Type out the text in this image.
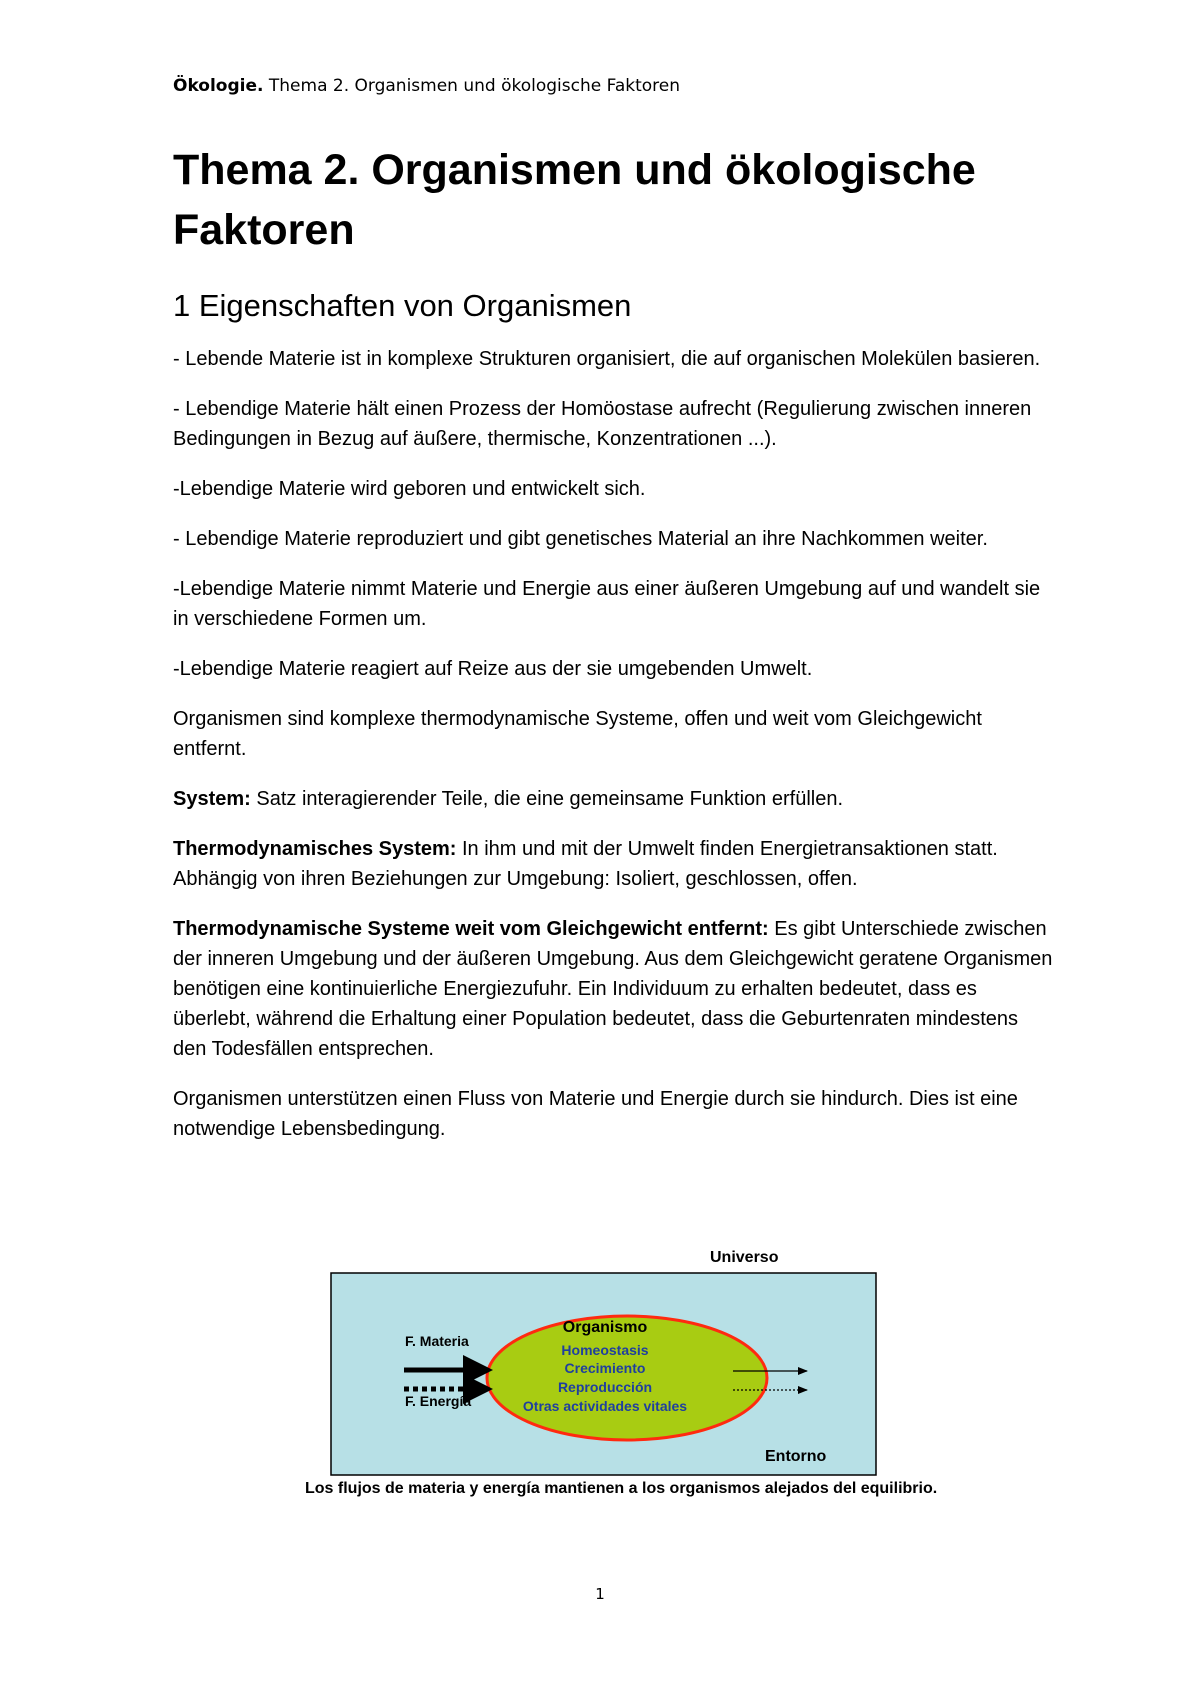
Ökologie. Thema 2. Organismen und ökologische Faktoren
Thema 2. Organismen und ökologische Faktoren
1 Eigenschaften von Organismen

- Lebende Materie ist in komplexe Strukturen organisiert, die auf organischen Molekülen basieren.

- Lebendige Materie hält einen Prozess der Homöostase aufrecht (Regulierung zwischen inneren Bedingungen in Bezug auf äußere, thermische, Konzentrationen ...).

-Lebendige Materie wird geboren und entwickelt sich.

- Lebendige Materie reproduziert und gibt genetisches Material an ihre Nachkommen weiter.

-Lebendige Materie nimmt Materie und Energie aus einer äußeren Umgebung auf und wandelt sie in verschiedene Formen um.

-Lebendige Materie reagiert auf Reize aus der sie umgebenden Umwelt.

Organismen sind komplexe thermodynamische Systeme, offen und weit vom Gleichgewicht entfernt.

System: Satz interagierender Teile, die eine gemeinsame Funktion erfüllen.

Thermodynamisches System: In ihm und mit der Umwelt finden Energietransaktionen statt. Abhängig von ihren Beziehungen zur Umgebung: Isoliert, geschlossen, offen.

Thermodynamische Systeme weit vom Gleichgewicht entfernt: Es gibt Unterschiede zwischen der inneren Umgebung und der äußeren Umgebung. Aus dem Gleichgewicht geratene Organismen benötigen eine kontinuierliche Energiezufuhr. Ein Individuum zu erhalten bedeutet, dass es überlebt, während die Erhaltung einer Population bedeutet, dass die Geburtenraten mindestens den Todesfällen entsprechen.

Organismen unterstützen einen Fluss von Materie und Energie durch sie hindurch. Dies ist eine notwendige Lebensbedingung.

Universo
F. Materia
F. Energía
Organismo
Homeostasis
Crecimiento
Reproducción
Otras actividades vitales
Entorno
Los flujos de materia y energía mantienen a los organismos alejados del equilibrio.
1
